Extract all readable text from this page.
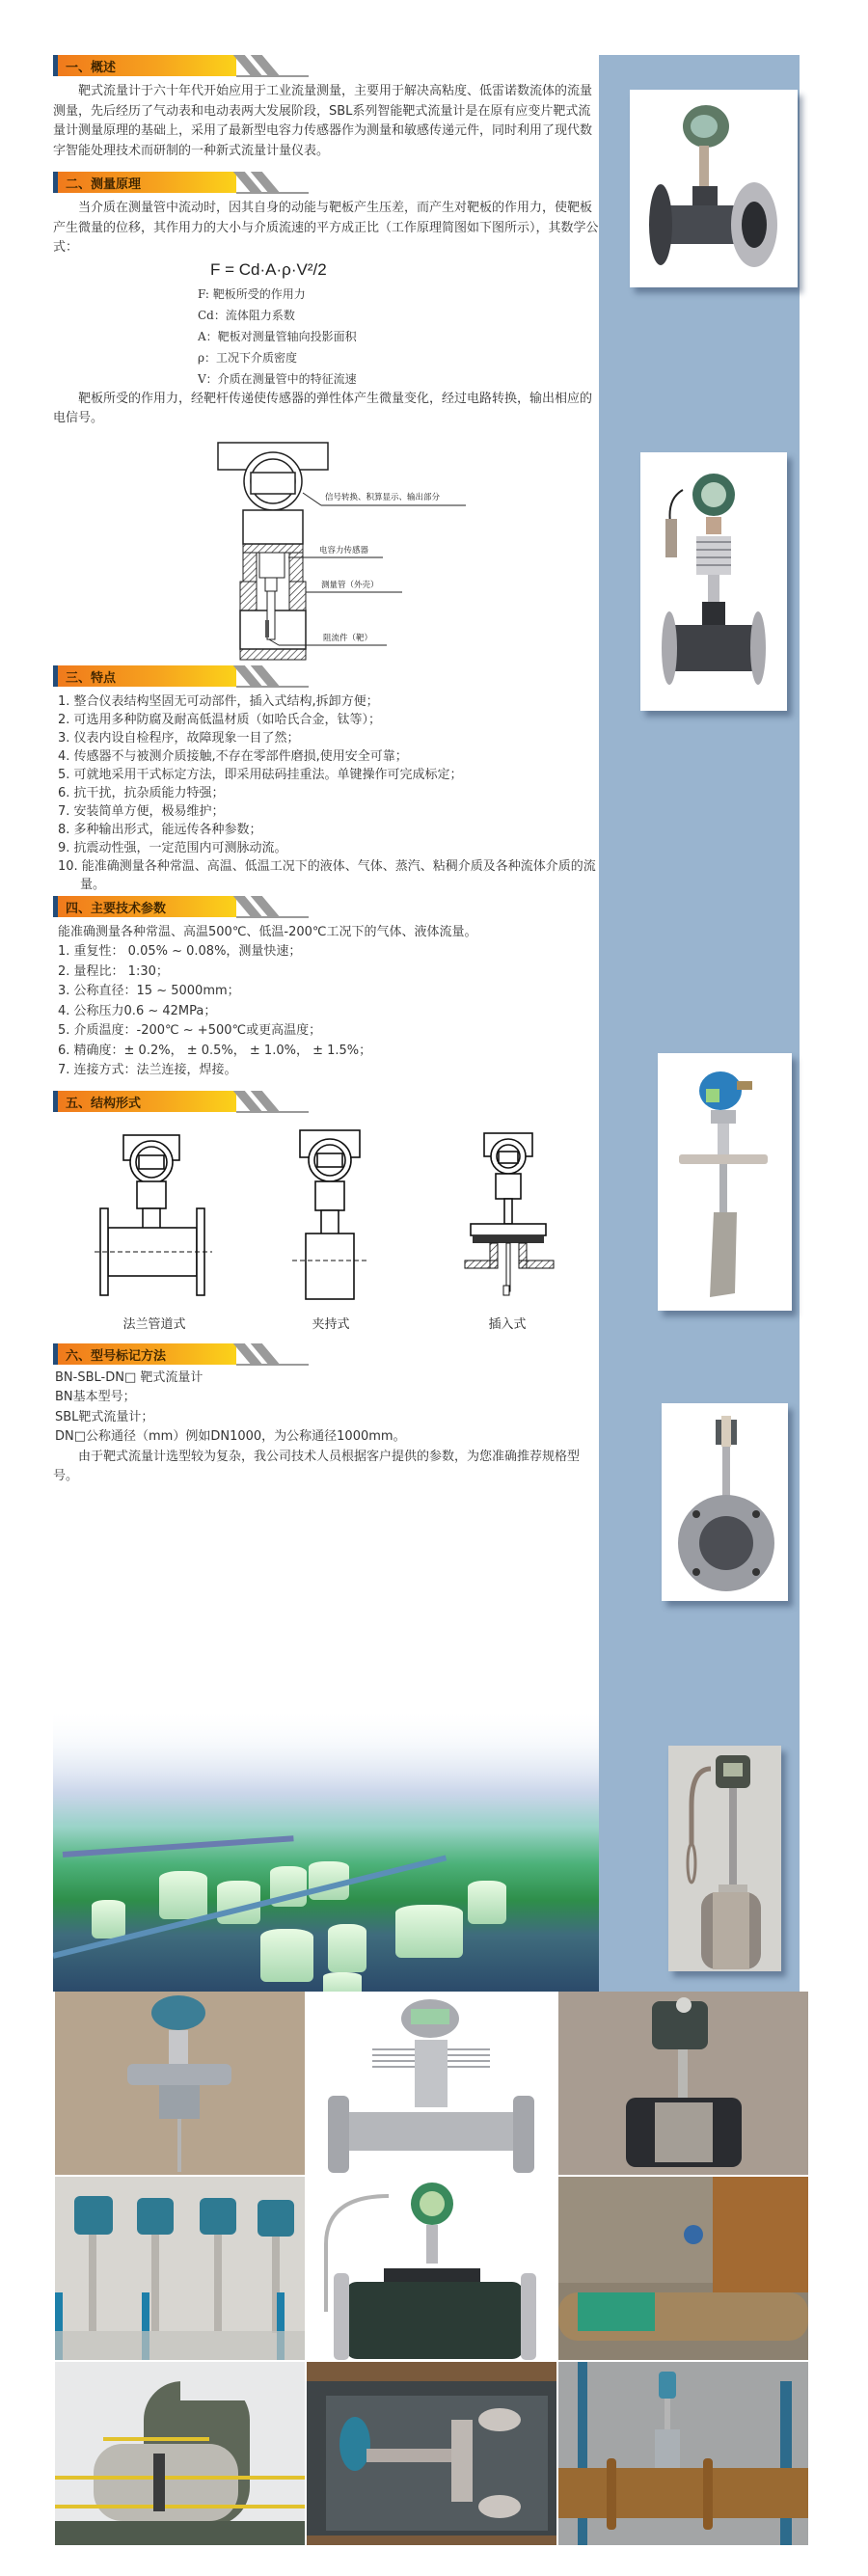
一、概述

靶式流量计于六十年代开始应用于工业流量测量，主要用于解决高粘度、低雷诺数流体的流量测量，先后经历了气动表和电动表两大发展阶段，SBL系列智能靶式流量计是在原有应变片靶式流量计测量原理的基础上，采用了最新型电容力传感器作为测量和敏感传递元件，同时利用了现代数字智能处理技术而研制的一种新式流量计量仪表。

二、测量原理

当介质在测量管中流动时，因其自身的动能与靶板产生压差，而产生对靶板的作用力，使靶板产生微量的位移，其作用力的大小与介质流速的平方成正比（工作原理简图如下图所示），其数学公式：

F = Cd·A·ρ·V²/2
F: 靶板所受的作用力
Cd：流体阻力系数
A：靶板对测量管轴向投影面积
ρ：工况下介质密度
V：介质在测量管中的特征流速

靶板所受的作用力，经靶杆传递使传感器的弹性体产生微量变化，经过电路转换，输出相应的电信号。

信号转换、积算显示、输出部分
电容力传感器
测量管（外壳）
阻流件（靶）
三、特点
1. 整合仪表结构坚固无可动部件，插入式结构,拆卸方便；
2. 可选用多种防腐及耐高低温材质（如哈氏合金，钛等）；
3. 仪表内设自检程序，故障现象一目了然；
4. 传感器不与被测介质接触,不存在零部件磨损,使用安全可靠；
5. 可就地采用干式标定方法，即采用砝码挂重法。单键操作可完成标定；
6. 抗干扰，抗杂质能力特强；
7. 安装简单方便，极易维护；
8. 多种输出形式，能远传各种参数；
9. 抗震动性强，一定范围内可测脉动流。
10. 能准确测量各种常温、高温、低温工况下的液体、气体、蒸汽、粘稠介质及各种流体介质的流量。
四、主要技术参数

能准确测量各种常温、高温500℃、低温-200℃工况下的气体、液体流量。

1. 重复性： 0.05% ~ 0.08%，测量快速；
2. 量程比： 1:30；
3. 公称直径：15 ~ 5000mm；
4. 公称压力0.6 ~ 42MPa；
5. 介质温度：-200℃ ~ +500℃或更高温度；
6. 精确度：± 0.2%， ± 0.5%， ± 1.0%， ± 1.5%；
7. 连接方式：法兰连接，焊接。
五、结构形式
法兰管道式	夹持式	插入式
六、型号标记方法
BN-SBL-DN□ 靶式流量计
BN基本型号；
SBL靶式流量计；
DN□公称通径（mm）例如DN1000，为公称通径1000mm。

由于靶式流量计选型较为复杂，我公司技术人员根据客户提供的参数，为您准确推荐规格型号。
